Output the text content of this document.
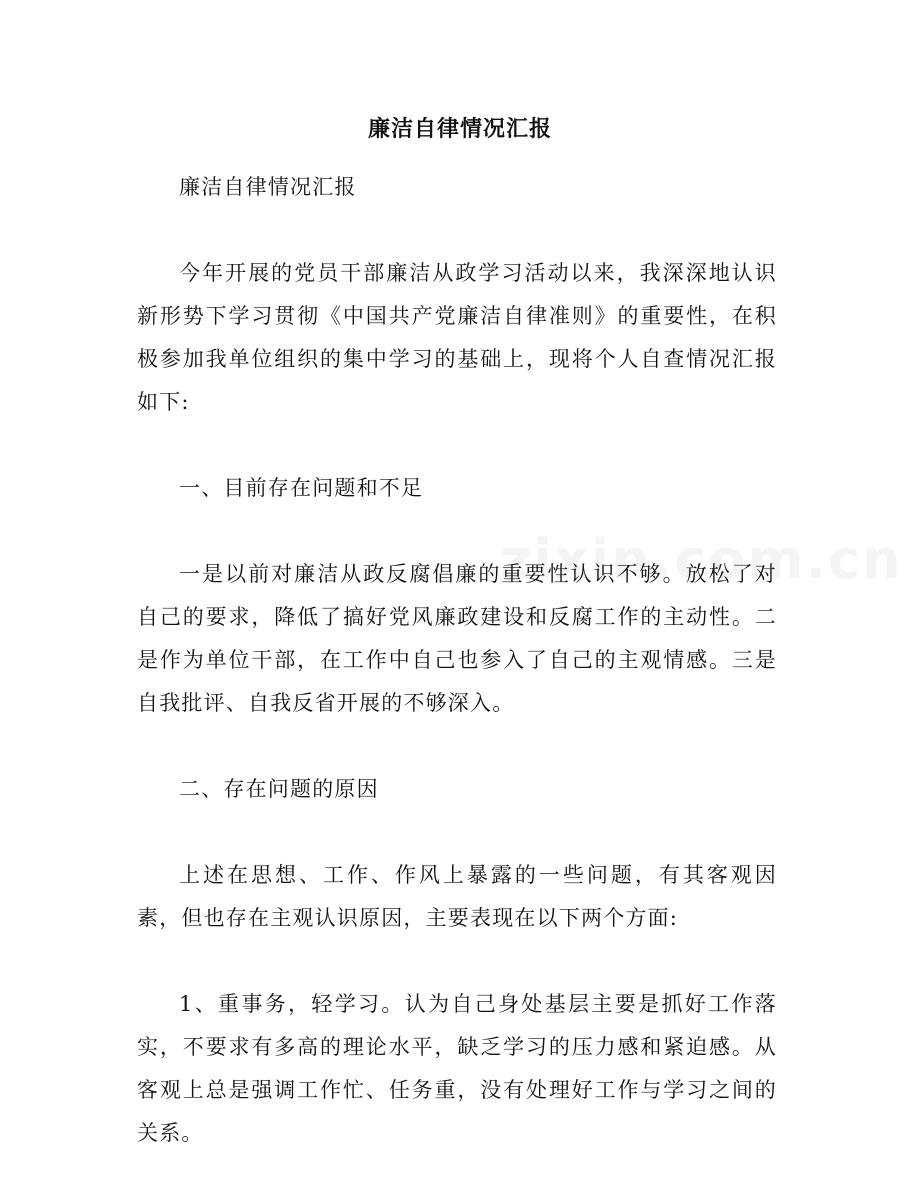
廉洁自律情况汇报

廉洁自律情况汇报

今年开展的党员干部廉洁从政学习活动以来，我深深地认识新形势下学习贯彻《中国共产党廉洁自律准则》的重要性，在积极参加我单位组织的集中学习的基础上，现将个人自查情况汇报如下:

一、目前存在问题和不足

一是以前对廉洁从政反腐倡廉的重要性认识不够。放松了对自己的要求，降低了搞好党风廉政建设和反腐工作的主动性。二是作为单位干部，在工作中自己也参入了自己的主观情感。三是自我批评、自我反省开展的不够深入。

二、存在问题的原因

上述在思想、工作、作风上暴露的一些问题，有其客观因素，但也存在主观认识原因，主要表现在以下两个方面:

1、重事务，轻学习。认为自己身处基层主要是抓好工作落实，不要求有多高的理论水平，缺乏学习的压力感和紧迫感。从客观上总是强调工作忙、任务重，没有处理好工作与学习之间的关系。
